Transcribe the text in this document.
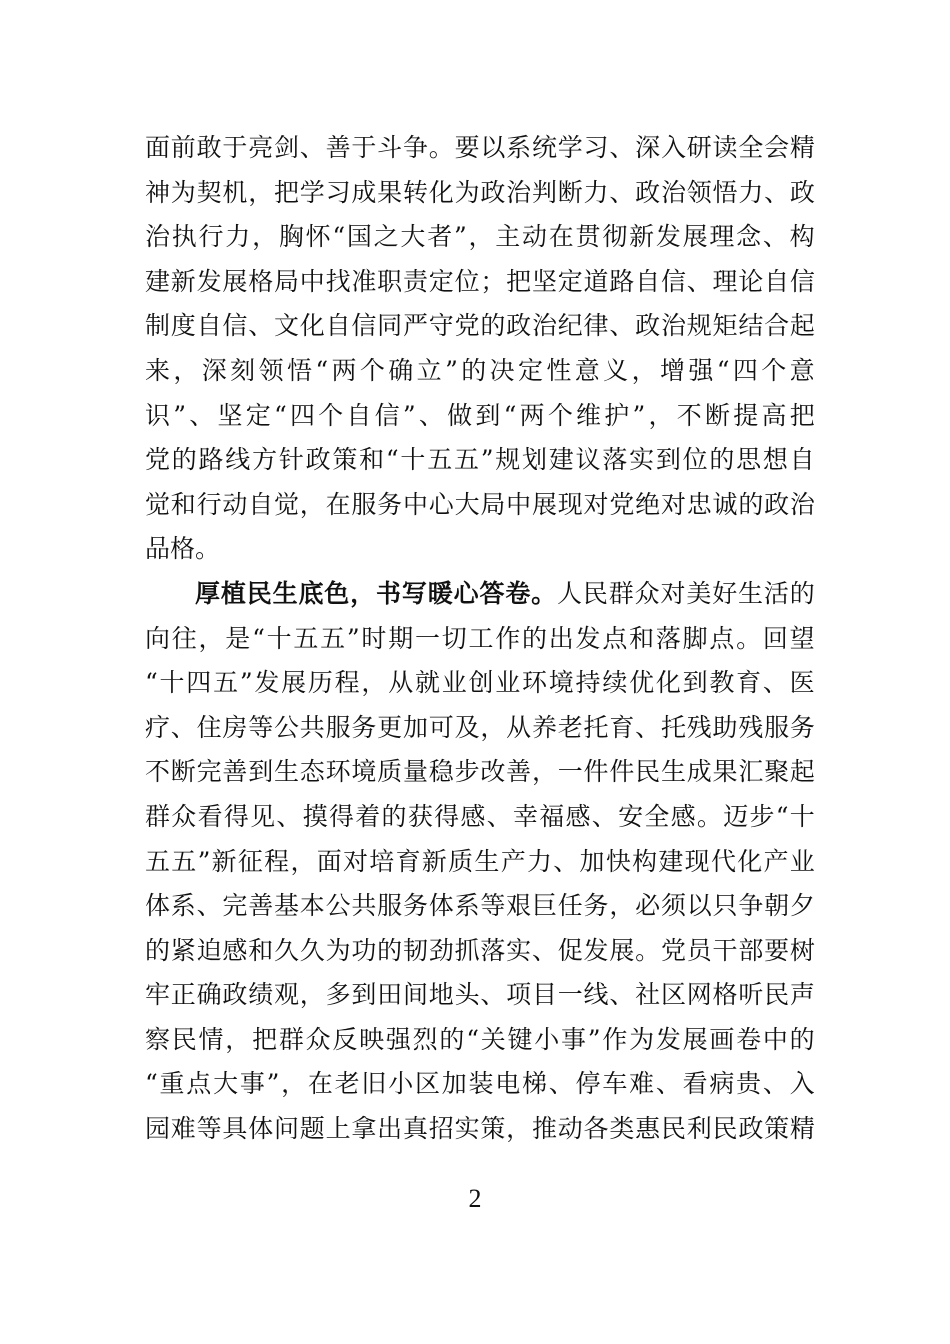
面 前 敢 于 亮 剑 、 善 于 斗 争 。 要 以 系 统 学 习 、 深 入 研 读 全 会 精
神 为 契 机 ， 把 学 习 成 果 转 化 为 政 治 判 断 力 、 政 治 领 悟 力 、 政
治 执 行 力 ， 胸 怀 “ 国 之 大 者 ” ， 主 动 在 贯 彻 新 发 展 理 念 、 构
建 新 发 展 格 局 中 找 准 职 责 定 位 ； 把 坚 定 道 路 自 信 、 理 论 自 信
制 度 自 信 、 文 化 自 信 同 严 守 党 的 政 治 纪 律 、 政 治 规 矩 结 合 起
来 ， 深 刻 领 悟 “ 两 个 确 立 ” 的 决 定 性 意 义 ， 增 强 “ 四 个 意
识 ” 、 坚 定 “ 四 个 自 信 ” 、 做 到 “ 两 个 维 护 ” ， 不 断 提 高 把
党 的 路 线 方 针 政 策 和 “ 十 五 五 ” 规 划 建 议 落 实 到 位 的 思 想 自
觉 和 行 动 自 觉 ， 在 服 务 中 心 大 局 中 展 现 对 党 绝 对 忠 诚 的 政 治
品格。
厚 植 民 生 底 色 ， 书 写 暖 心 答 卷 。 人 民 群 众 对 美 好 生 活 的
向 往 ， 是 “ 十 五 五 ” 时 期 一 切 工 作 的 出 发 点 和 落 脚 点 。 回 望
“ 十 四 五 ” 发 展 历 程 ， 从 就 业 创 业 环 境 持 续 优 化 到 教 育 、 医
疗 、 住 房 等 公 共 服 务 更 加 可 及 ， 从 养 老 托 育 、 托 残 助 残 服 务
不 断 完 善 到 生 态 环 境 质 量 稳 步 改 善 ， 一 件 件 民 生 成 果 汇 聚 起
群 众 看 得 见 、 摸 得 着 的 获 得 感 、 幸 福 感 、 安 全 感 。 迈 步 “ 十
五 五 ” 新 征 程 ， 面 对 培 育 新 质 生 产 力 、 加 快 构 建 现 代 化 产 业
体 系 、 完 善 基 本 公 共 服 务 体 系 等 艰 巨 任 务 ， 必 须 以 只 争 朝 夕
的 紧 迫 感 和 久 久 为 功 的 韧 劲 抓 落 实 、 促 发 展 。 党 员 干 部 要 树
牢 正 确 政 绩 观 ， 多 到 田 间 地 头 、 项 目 一 线 、 社 区 网 格 听 民 声
察 民 情 ， 把 群 众 反 映 强 烈 的 “ 关 键 小 事 ” 作 为 发 展 画 卷 中 的
“ 重 点 大 事 ” ， 在 老 旧 小 区 加 装 电 梯 、 停 车 难 、 看 病 贵 、 入
园 难 等 具 体 问 题 上 拿 出 真 招 实 策 ， 推 动 各 类 惠 民 利 民 政 策 精
2
